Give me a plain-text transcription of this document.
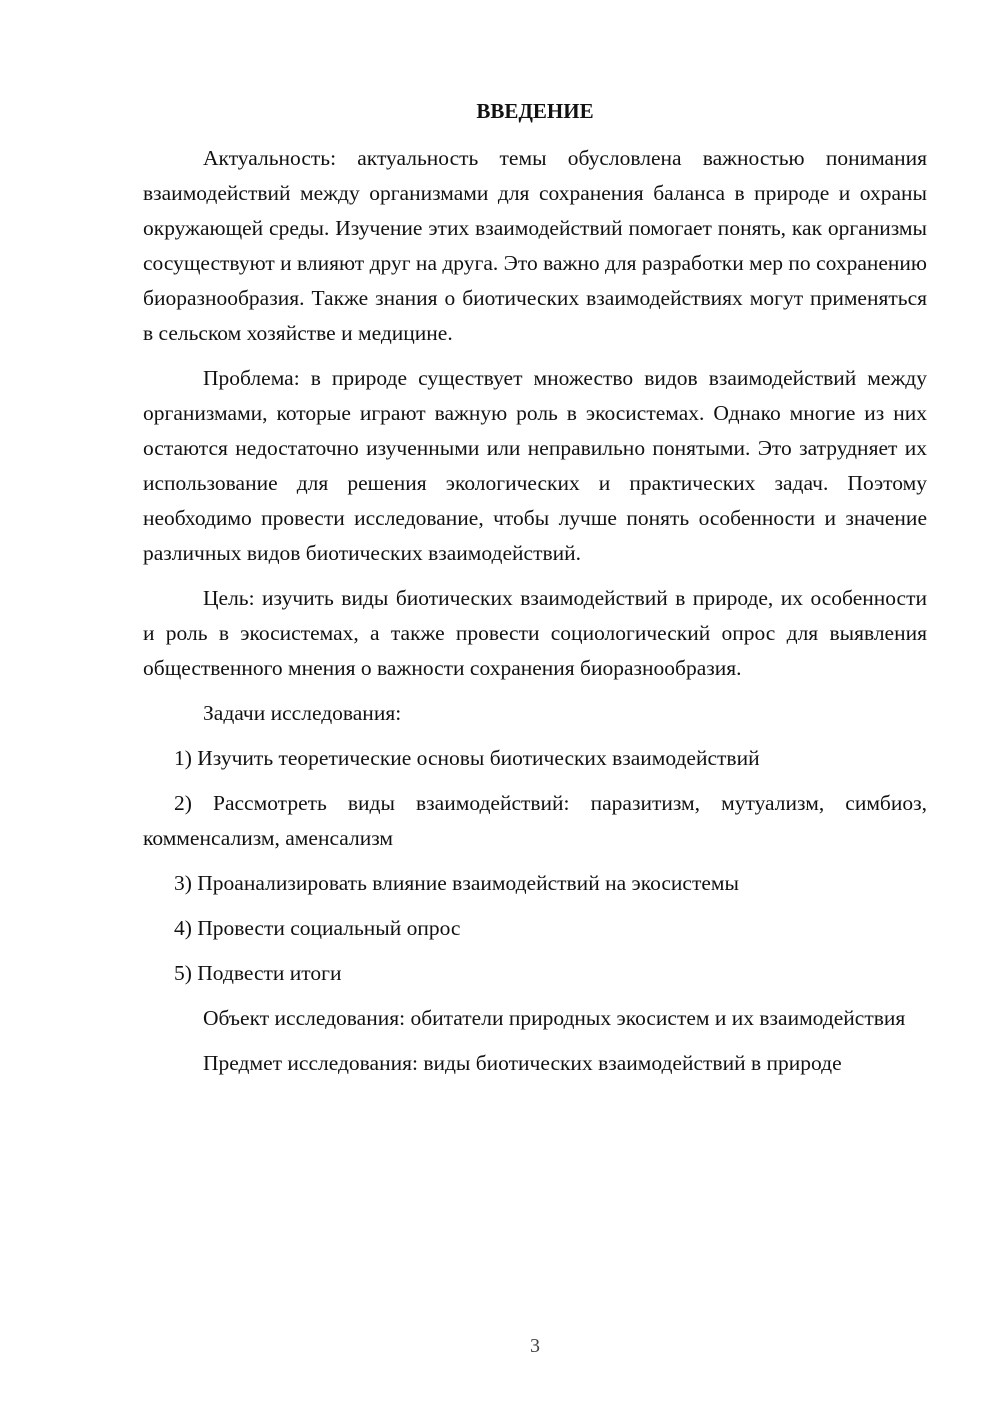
ВВЕДЕНИЕ

Актуальность: актуальность темы обусловлена важностью понимания взаимодействий между организмами для сохранения баланса в природе и охраны окружающей среды. Изучение этих взаимодействий помогает понять, как организмы сосуществуют и влияют друг на друга. Это важно для разработки мер по сохранению биоразнообразия. Также знания о биотических взаимодействиях могут применяться в сельском хозяйстве и медицине.

Проблема: в природе существует множество видов взаимодействий между организмами, которые играют важную роль в экосистемах. Однако многие из них остаются недостаточно изученными или неправильно понятыми. Это затрудняет их использование для решения экологических и практических задач. Поэтому необходимо провести исследование, чтобы лучше понять особенности и значение различных видов биотических взаимодействий.

Цель: изучить виды биотических взаимодействий в природе, их особенности и роль в экосистемах, а также провести социологический опрос для выявления общественного мнения о важности сохранения биоразнообразия.

Задачи исследования:

1) Изучить теоретические основы биотических взаимодействий

2) Рассмотреть виды взаимодействий: паразитизм, мутуализм, симбиоз, комменсализм, аменсализм

3) Проанализировать влияние взаимодействий на экосистемы

4) Провести социальный опрос

5) Подвести итоги

Объект исследования: обитатели природных экосистем и их взаимодействия

Предмет исследования: виды биотических взаимодействий в природе

3
